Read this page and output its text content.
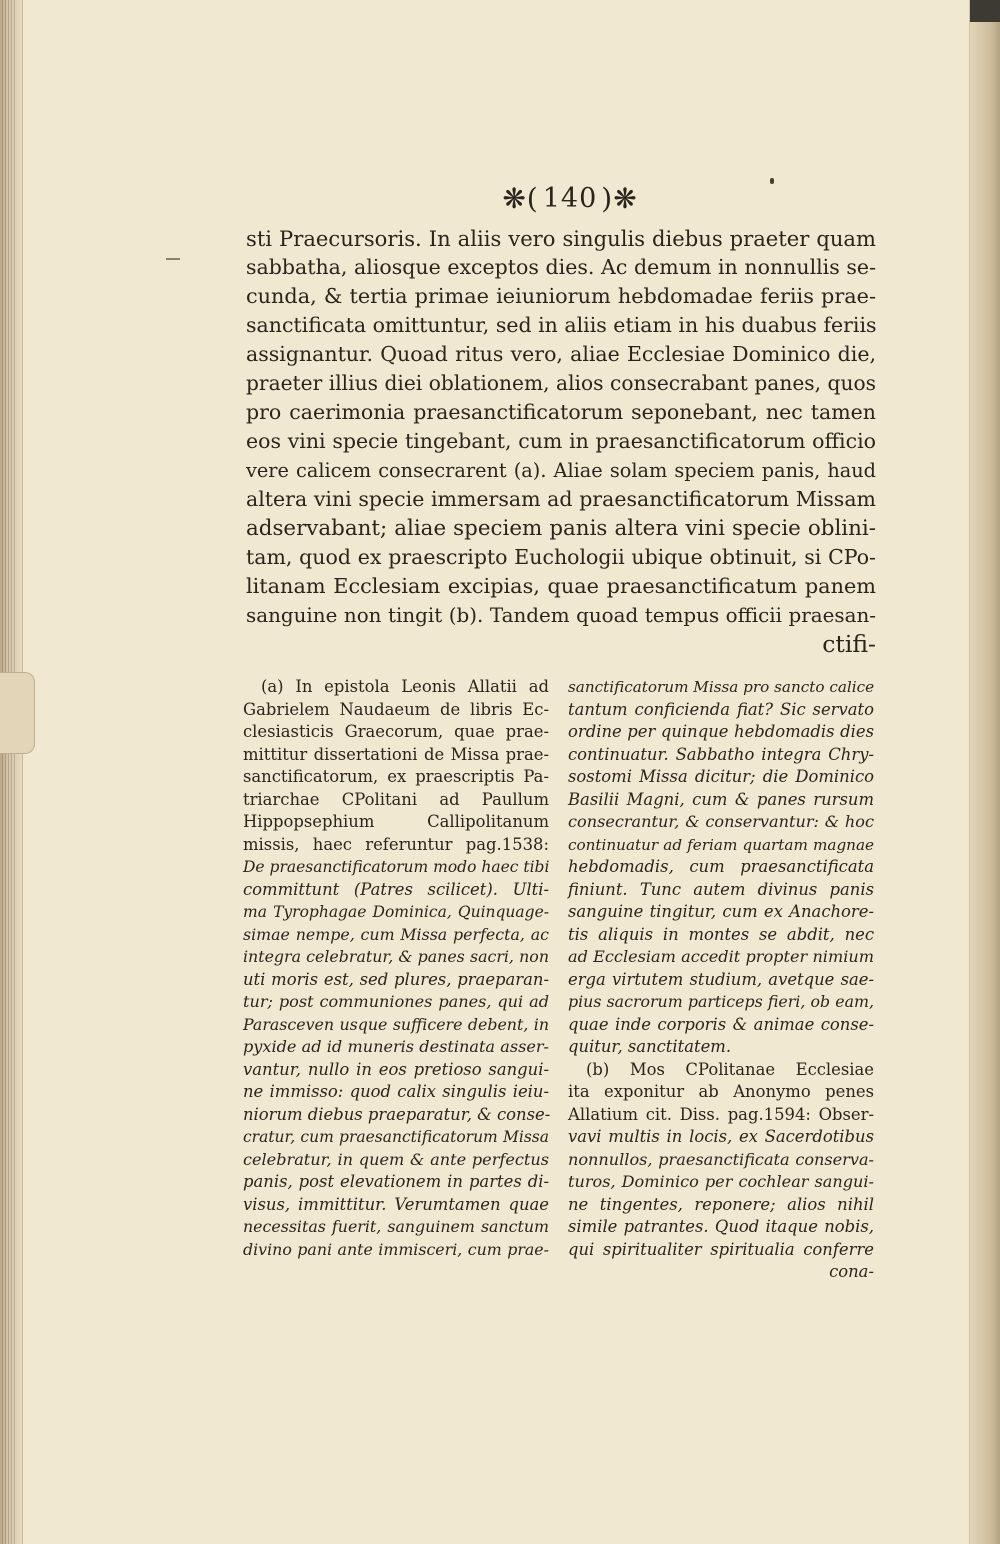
❋( 140 )❋
sti Praecursoris. In aliis vero singulis diebus praeter quam
sabbatha, aliosque exceptos dies. Ac demum in nonnullis se-
cunda, & tertia primae ieiuniorum hebdomadae feriis prae-
sanctificata omittuntur, sed in aliis etiam in his duabus feriis
assignantur. Quoad ritus vero, aliae Ecclesiae Dominico die,
praeter illius diei oblationem, alios consecrabant panes, quos
pro caerimonia praesanctificatorum seponebant, nec tamen
eos vini specie tingebant, cum in praesanctificatorum officio
vere calicem consecrarent (a). Aliae solam speciem panis, haud
altera vini specie immersam ad praesanctificatorum Missam
adservabant; aliae speciem panis altera vini specie oblini-
tam, quod ex praescripto Euchologii ubique obtinuit, si CPo-
litanam Ecclesiam excipias, quae praesanctificatum panem
sanguine non tingit (b). Tandem quoad tempus officii praesan-
ctifi-
(a) In epistola Leonis Allatii ad
Gabrielem Naudaeum de libris Ec-
clesiasticis Graecorum, quae prae-
mittitur dissertationi de Missa prae-
sanctificatorum, ex praescriptis Pa-
triarchae CPolitani ad Paullum
Hippopsephium Callipolitanum
missis, haec referuntur pag.1538:
De praesanctificatorum modo haec tibi
committunt (Patres scilicet). Ulti-
ma Tyrophagae Dominica, Quinquage-
simae nempe, cum Missa perfecta, ac
integra celebratur, & panes sacri, non
uti moris est, sed plures, praeparan-
tur; post communiones panes, qui ad
Parasceven usque sufficere debent, in
pyxide ad id muneris destinata asser-
vantur, nullo in eos pretioso sangui-
ne immisso: quod calix singulis ieiu-
niorum diebus praeparatur, & conse-
cratur, cum praesanctificatorum Missa
celebratur, in quem & ante perfectus
panis, post elevationem in partes di-
visus, immittitur. Verumtamen quae
necessitas fuerit, sanguinem sanctum
divino pani ante immisceri, cum prae-
sanctificatorum Missa pro sancto calice
tantum conficienda fiat? Sic servato
ordine per quinque hebdomadis dies
continuatur. Sabbatho integra Chry-
sostomi Missa dicitur; die Dominico
Basilii Magni, cum & panes rursum
consecrantur, & conservantur: & hoc
continuatur ad feriam quartam magnae
hebdomadis, cum praesanctificata
finiunt. Tunc autem divinus panis
sanguine tingitur, cum ex Anachore-
tis aliquis in montes se abdit, nec
ad Ecclesiam accedit propter nimium
erga virtutem studium, avetque sae-
pius sacrorum particeps fieri, ob eam,
quae inde corporis & animae conse-
quitur, sanctitatem.
(b) Mos CPolitanae Ecclesiae
ita exponitur ab Anonymo penes
Allatium cit. Diss. pag.1594: Obser-
vavi multis in locis, ex Sacerdotibus
nonnullos, praesanctificata conserva-
turos, Dominico per cochlear sangui-
ne tingentes, reponere; alios nihil
simile patrantes. Quod itaque nobis,
qui spiritualiter spiritualia conferre
cona-
